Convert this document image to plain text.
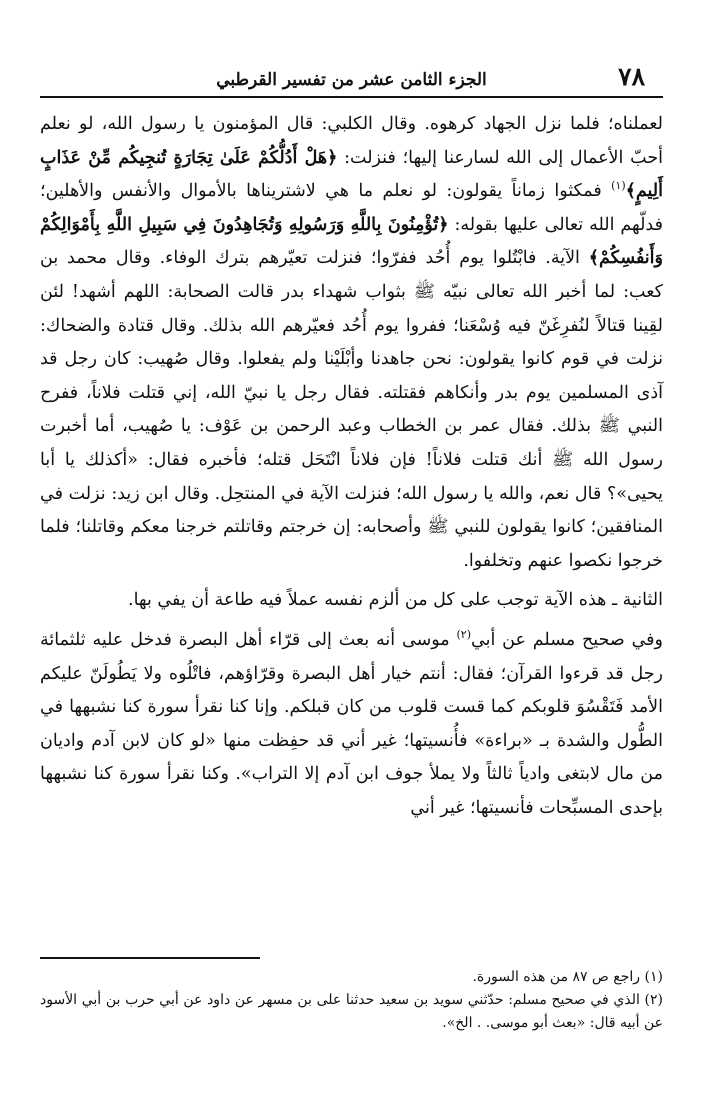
٧٨
الجزء الثامن عشر من تفسير القرطبي

لعملناه؛ فلما نزل الجهاد كرهوه. وقال الكلبي: قال المؤمنون يا رسول الله، لو نعلم أحبّ الأعمال إلى الله لسارعنا إليها؛ فنزلت: ﴿هَلْ أَدُلُّكُمْ عَلَىٰ تِجَارَةٍ تُنجِيكُم مِّنْ عَذَابٍ أَلِيمٍ﴾$^{(١)}$ فمكثوا زماناً يقولون: لو نعلم ما هي لاشتريناها بالأموال والأنفس والأهلين؛ فدلّهم الله تعالى عليها بقوله: ﴿تُؤْمِنُونَ بِاللَّهِ وَرَسُولِهِ وَتُجَاهِدُونَ فِي سَبِيلِ اللَّهِ بِأَمْوَالِكُمْ وَأَنفُسِكُمْ﴾ الآية. فابْتُلوا يوم أُحُد ففرّوا؛ فنزلت تعيّرهم بترك الوفاء. وقال محمد بن كعب: لما أخبر الله تعالى نبيّه ﷺ بثواب شهداء بدر قالت الصحابة: اللهم أشهد! لئن لقِينا قتالاً لنُفرِغَنّ فيه وُسْعَنا؛ ففروا يوم أُحُد فعيّرهم الله بذلك. وقال قتادة والضحاك: نزلت في قوم كانوا يقولون: نحن جاهدنا وأبْلَيْنا ولم يفعلوا. وقال صُهيب: كان رجل قد آذى المسلمين يوم بدر وأنكاهم فقتلته. فقال رجل يا نبيّ الله، إني قتلت فلاناً، ففرح النبي ﷺ بذلك. فقال عمر بن الخطاب وعبد الرحمن بن عَوْف: يا صُهيب، أما أخبرت رسول الله ﷺ أنك قتلت فلاناً! فإن فلاناً انْتَحَل قتله؛ فأخبره فقال: «أكذلك يا أبا يحيى»؟ قال نعم، والله يا رسول الله؛ فنزلت الآية في المنتحِل. وقال ابن زيد: نزلت في المنافقين؛ كانوا يقولون للنبي ﷺ وأصحابه: إن خرجتم وقاتلتم خرجنا معكم وقاتلنا؛ فلما خرجوا نكصوا عنهم وتخلفوا.

الثانية ـ هذه الآية توجب على كل من ألزم نفسه عملاً فيه طاعة أن يفي بها.

وفي صحيح مسلم عن أبي$^{(٢)}$ موسى أنه بعث إلى قرّاء أهل البصرة فدخل عليه ثلثمائة رجل قد قرءوا القرآن؛ فقال: أنتم خيار أهل البصرة وقرّاؤهم، فاتْلُوه ولا يَطُولَنّ عليكم الأمد فَتَقْسُوَ قلوبكم كما قست قلوب من كان قبلكم. وإنا كنا نقرأ سورة كنا نشبهها في الطُّول والشدة بـ «براءة» فأُنسيتها؛ غير أني قد حفِظت منها «لو كان لابن آدم واديان من مال لابتغى وادياً ثالثاً ولا يملأ جوف ابن آدم إلا التراب». وكنا نقرأ سورة كنا نشبهها بإحدى المسبِّحات فأنسيتها؛ غير أني

(١) راجع ص ٨٧ من هذه السورة.

(٢) الذي في صحيح مسلم: حدّثني سويد بن سعيد حدثنا على بن مسهر عن داود عن أبي حرب بن أبي الأسود عن أبيه قال: «بعث أبو موسى. . الخ».
